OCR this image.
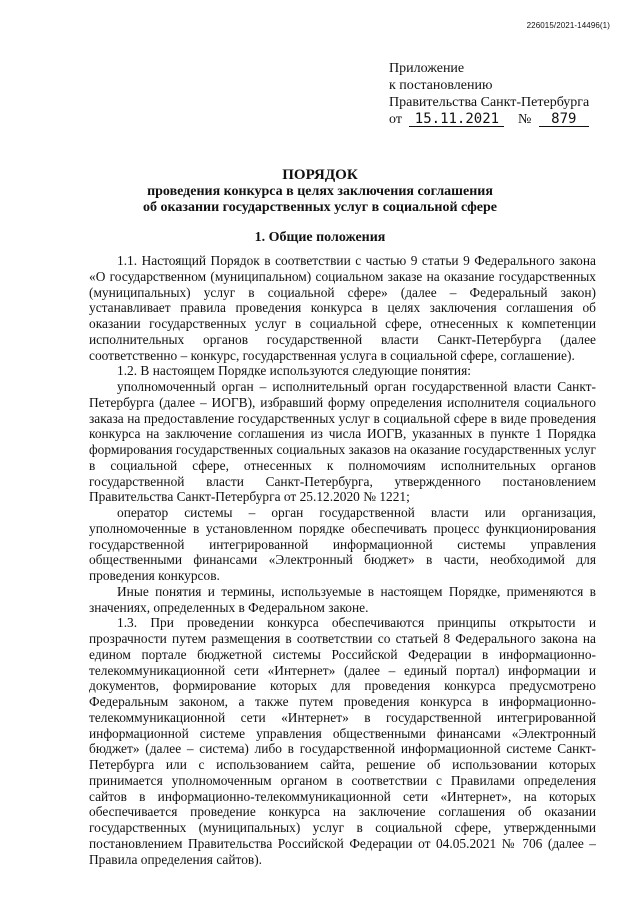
226015/2021-14496(1)
Приложение
к постановлению
Правительства Санкт-Петербурга
от 15.11.2021 № 879
ПОРЯДОК
проведения конкурса в целях заключения соглашения
об оказании государственных услуг в социальной сфере
1. Общие положения

1.1. Настоящий Порядок в соответствии с частью 9 статьи 9 Федерального закона «О государственном (муниципальном) социальном заказе на оказание государственных (муниципальных) услуг в социальной сфере» (далее – Федеральный закон) устанавливает правила проведения конкурса в целях заключения соглашения об оказании государственных услуг в социальной сфере, отнесенных к компетенции исполнительных органов государственной власти Санкт-Петербурга (далее соответственно – конкурс, государственная услуга в социальной сфере, соглашение).

1.2. В настоящем Порядке используются следующие понятия:

уполномоченный орган – исполнительный орган государственной власти Санкт-Петербурга (далее – ИОГВ), избравший форму определения исполнителя социального заказа на предоставление государственных услуг в социальной сфере в виде проведения конкурса на заключение соглашения из числа ИОГВ, указанных в пункте 1 Порядка формирования государственных социальных заказов на оказание государственных услуг в социальной сфере, отнесенных к полномочиям исполнительных органов государственной власти Санкт-Петербурга, утвержденного постановлением Правительства Санкт-Петербурга от 25.12.2020 № 1221;

оператор системы – орган государственной власти или организация, уполномоченные в установленном порядке обеспечивать процесс функционирования государственной интегрированной информационной системы управления общественными финансами «Электронный бюджет» в части, необходимой для проведения конкурсов.

Иные понятия и термины, используемые в настоящем Порядке, применяются в значениях, определенных в Федеральном законе.

1.3. При проведении конкурса обеспечиваются принципы открытости и прозрачности путем размещения в соответствии со статьей 8 Федерального закона на едином портале бюджетной системы Российской Федерации в информационно-телекоммуникационной сети «Интернет» (далее – единый портал) информации и документов, формирование которых для проведения конкурса предусмотрено Федеральным законом, а также путем проведения конкурса в информационно-телекоммуникационной сети «Интернет» в государственной интегрированной информационной системе управления общественными финансами «Электронный бюджет» (далее – система) либо в государственной информационной системе Санкт-Петербурга или с использованием сайта, решение об использовании которых принимается уполномоченным органом в соответствии с Правилами определения сайтов в информационно-телекоммуникационной сети «Интернет», на которых обеспечивается проведение конкурса на заключение соглашения об оказании государственных (муниципальных) услуг в социальной сфере, утвержденными постановлением Правительства Российской Федерации от 04.05.2021 № 706 (далее – Правила определения сайтов).
